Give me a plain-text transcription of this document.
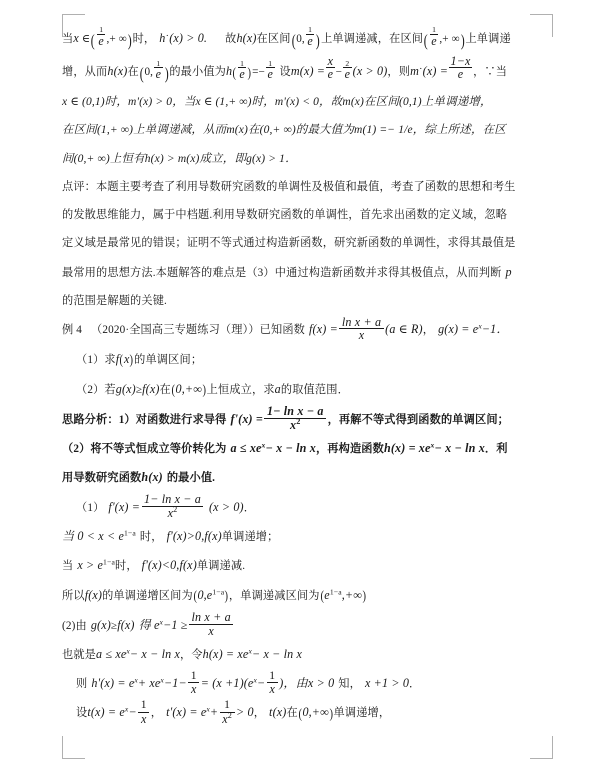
当x ∈(
1
e ,+ ∞)时， h˙(x) > 0. 故h(x)在区间(0,
1
e )上单调递减，在区间(
1
e ,+ ∞)上单调递
增，从而h(x)在(0,
1
e )的最小值为h(
1
e )=−
1
e 设$m(x) = \frac{x}{e}$ −
2
e (x > 0)，则m˙(x) = $\frac{1-x}{e}$ ，∵当
x ∈ (0,1)时，m'(x) > 0，当x ∈ (1,+ ∞)时，m'(x) < 0，故m(x)在区间(0,1)上单调递增，
在区间(1,+ ∞)上单调递减，从而m(x)在(0,+ ∞)的最大值为m(1) =− 1/e，综上所述，在区
间(0,+ ∞)上恒有h(x) > m(x)成立，即g(x) > 1．
点评：本题主要考查了利用导数研究函数的单调性及极值和最值，考查了函数的思想和考生
的发散思维能力，属于中档题.利用导数研究函数的单调性，首先求出函数的定义域，忽略
定义域是最常见的错误；证明不等式通过构造新函数，研究新函数的单调性，求得其最值是
最常用的思想方法.本题解答的难点是（3）中通过构造新函数并求得其极值点，从而判断 p
的范围是解题的关键.
例 4 （2020·全国高三专题练习（理））已知函数 $f(x) = \frac{\text{ln x + a}}{x} (a$ ∈ R)， $g(x) = e^x-1$．
（1）求f(x)的单调区间；
（2）若g(x)≥f(x)在(0,+∞)上恒成立，求a的取值范围．
思路分析：1）对函数进行求导得 $f'(x) = \frac{\text{1− ln x − a}}{x^2}$ ，再解不等式得到函数的单调区间；
（2）将不等式恒成立等价转化为 $a \le xe^x- x - \ln x$，再构造函数$h(x) = xe^x- x - \ln x$．利
用导数研究函数h(x) 的最小值.
（1） $f'(x) = \frac{\text{1− ln x − a}}{x^2} (x > 0)$．
当 $0 < x < e^{1-a}$ 时， f'(x)>0,f(x)单调递增；
当 $x > e^{1-a}$时， f'(x)<0,f(x)单调递减.
所以f(x)的单调递增区间为$(0,e^{1-a})$，单调递减区间为$(e^{1-a},+\infty)$
(2)由 g(x)≥f(x) 得 $e^x-1 \ge \frac{\text{ln x + a}}{x}$
也就是$a \le xe^x- x - \ln x$，令$h(x) = xe^x- x - \ln x$
则 $h'(x) = e^x+ xe^x-1- \frac{1}{x} = (x +1)(e^x- \frac{1}{x}$ )，由x > 0 知， x +1 > 0．
设$t(x) = e^x- \frac{1}{x}$ ， $t'(x) = e^x+ \frac{1}{x^2} > 0$， t(x)在(0,+∞)单调递增，
